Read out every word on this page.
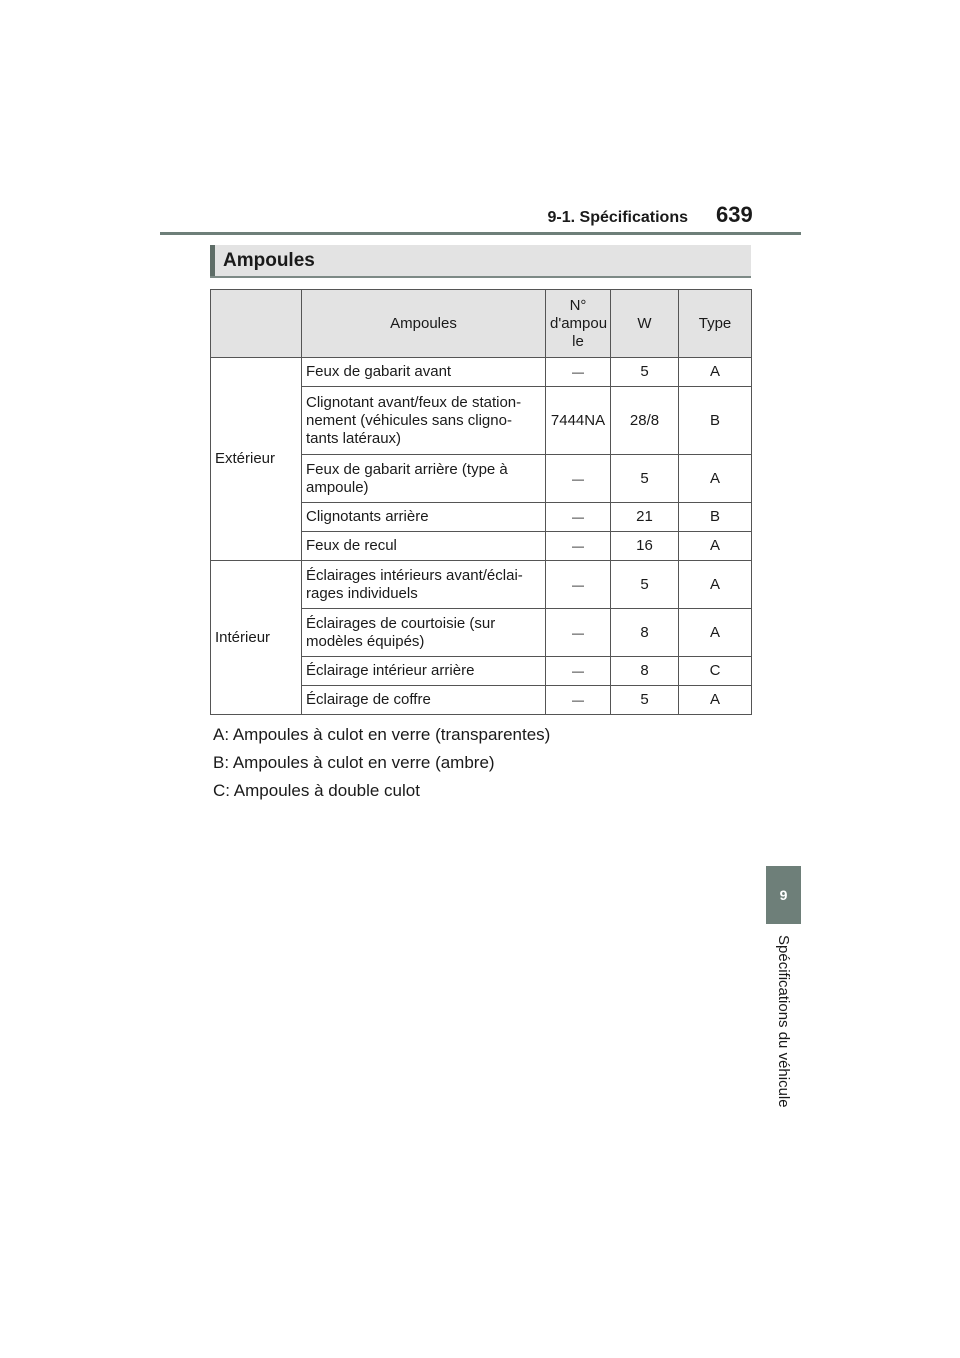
9-1. Spécifications 639
Ampoules
	Ampoules	N°
d'ampou
le	W	Type
Extérieur	Feux de gabarit avant	—	5	A
	Clignotant avant/feux de station-
nement (véhicules sans cligno-
tants latéraux)	7444NA	28/8	B
	Feux de gabarit arrière (type à
ampoule)	—	5	A
	Clignotants arrière	—	21	B
	Feux de recul	—	16	A
Intérieur	Éclairages intérieurs avant/éclai-
rages individuels	—	5	A
	Éclairages de courtoisie (sur
modèles équipés)	—	8	A
	Éclairage intérieur arrière	—	8	C
	Éclairage de coffre	—	5	A
A: Ampoules à culot en verre (transparentes)
B: Ampoules à culot en verre (ambre)
C: Ampoules à double culot
9
Spécifications du véhicule
